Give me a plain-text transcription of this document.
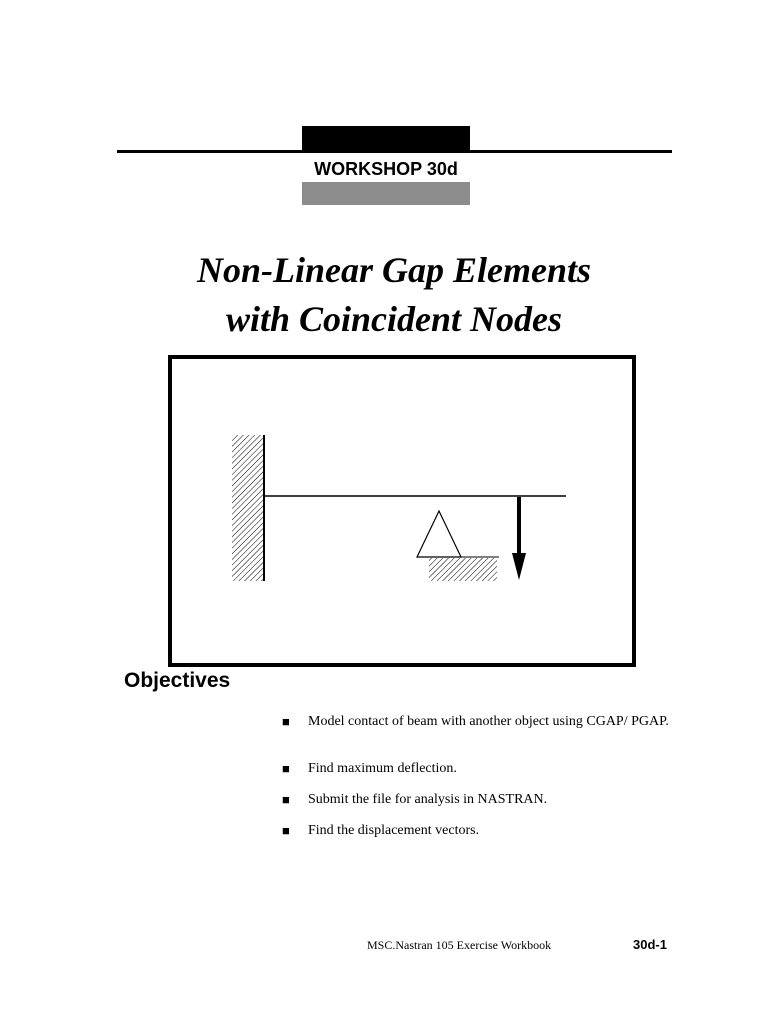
WORKSHOP 30d
Non-Linear Gap Elements
with Coincident Nodes
Objectives
■ Model contact of beam with another object using CGAP/ PGAP.
■ Find maximum deflection.
■ Submit the file for analysis in NASTRAN.
■ Find the displacement vectors.
MSC.Nastran 105 Exercise Workbook	30d-1
